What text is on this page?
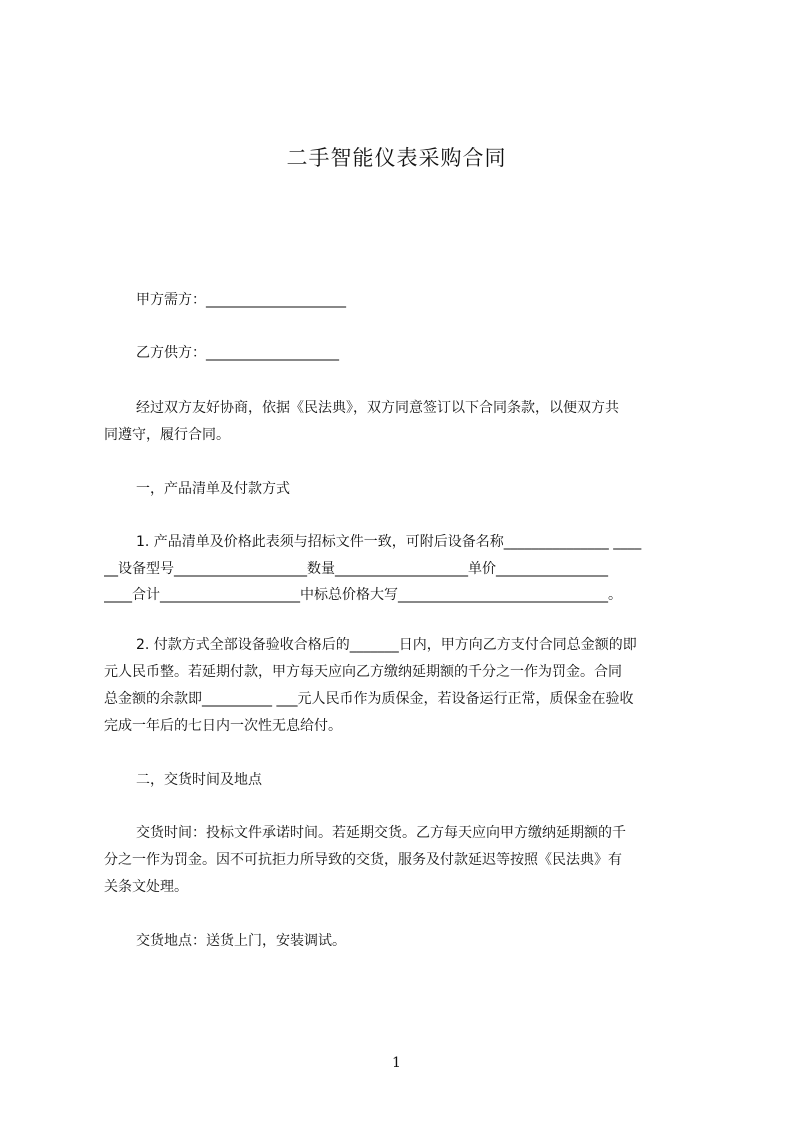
二手智能仪表采购合同
甲方需方：____________________
乙方供方：___________________
经过双方友好协商，依据《民法典》，双方同意签订以下合同条款，以便双方共
同遵守，履行合同。
一，产品清单及付款方式
1. 产品清单及价格此表须与招标文件一致，可附后设备名称_______________ ____
__设备型号___________________数量___________________单价________________
____合计____________________中标总价格大写______________________________。
2. 付款方式全部设备验收合格后的_______日内，甲方向乙方支付合同总金额的即
元人民币整。若延期付款，甲方每天应向乙方缴纳延期额的千分之一作为罚金。合同
总金额的余款即__________ ___元人民币作为质保金，若设备运行正常，质保金在验收
完成一年后的七日内一次性无息给付。
二，交货时间及地点
交货时间：投标文件承诺时间。若延期交货。乙方每天应向甲方缴纳延期额的千
分之一作为罚金。因不可抗拒力所导致的交货，服务及付款延迟等按照《民法典》有
关条文处理。
交货地点：送货上门，安装调试。
1
